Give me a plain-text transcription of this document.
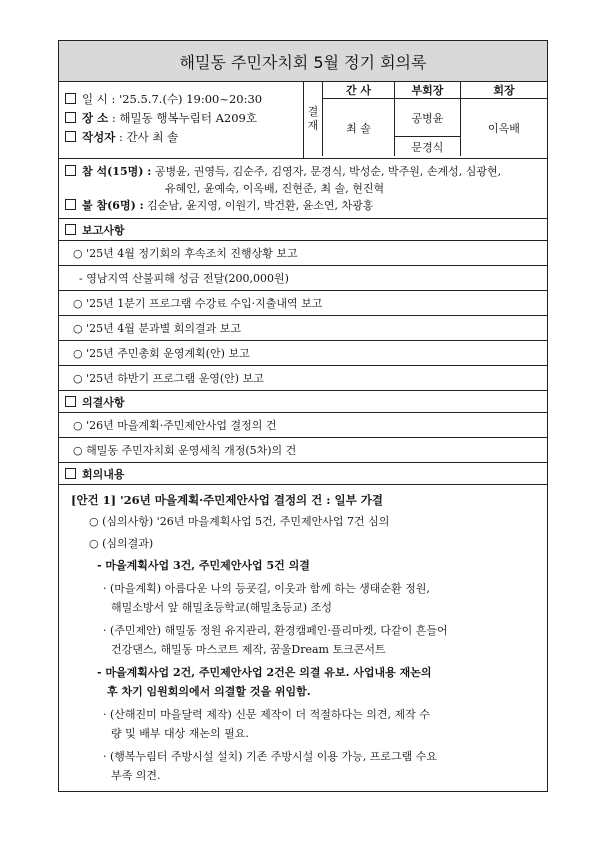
해밀동 주민자치회 5월 정기 회의록
일 시 : '25.5.7.(수) 19:00~20:30
장 소 : 해밀동 행복누림터 A209호
작성자 : 간사 최 솔
결
재
간 사	부회장	회장
최 솔
공병윤
문경식
이옥배
참 석(15명) : 공병윤, 권영득, 김순주, 김영자, 문경식, 박성순, 박주원, 손계성, 심광현,
유혜인, 윤예숙, 이옥배, 진현준, 최 솔, 현진혁
불 참(6명) : 김순남, 윤지영, 이원기, 박건환, 윤소연, 차광홍
보고사항
○ '25년 4월 정기회의 후속조치 진행상황 보고
- 영남지역 산불피해 성금 전달(200,000원)
○ '25년 1분기 프로그램 수강료 수입·지출내역 보고
○ '25년 4월 분과별 회의결과 보고
○ '25년 주민총회 운영계획(안) 보고
○ '25년 하반기 프로그램 운영(안) 보고
의결사항
○ '26년 마을계획·주민제안사업 결정의 건
○ 해밀동 주민자치회 운영세칙 개정(5차)의 건
회의내용
[안건 1] '26년 마을계획·주민제안사업 결정의 건 : 일부 가결
○ (심의사항) '26년 마을계획사업 5건, 주민제안사업 7건 심의
○ (심의결과)
- 마을계획사업 3건, 주민제안사업 5건 의결
· (마을계획) 아름다운 나의 등굣길, 이웃과 함께 하는 생태순환 정원,
해밀소방서 앞 해밀초등학교(해밀초등교) 조성
· (주민제안) 해밀동 정원 유지관리, 환경캠페인·플리마켓, 다같이 흔들어
건강댄스, 해밀동 마스코트 제작, 꿈울Dream 토크콘서트
- 마을계획사업 2건, 주민제안사업 2건은 의결 유보. 사업내용 재논의
후 차기 임원회의에서 의결할 것을 위임함.
· (산해진미 마을달력 제작) 신문 제작이 더 적절하다는 의견, 제작 수
량 및 배부 대상 재논의 필요.
· (행복누림터 주방시설 설치) 기존 주방시설 이용 가능, 프로그램 수요
부족 의견.
